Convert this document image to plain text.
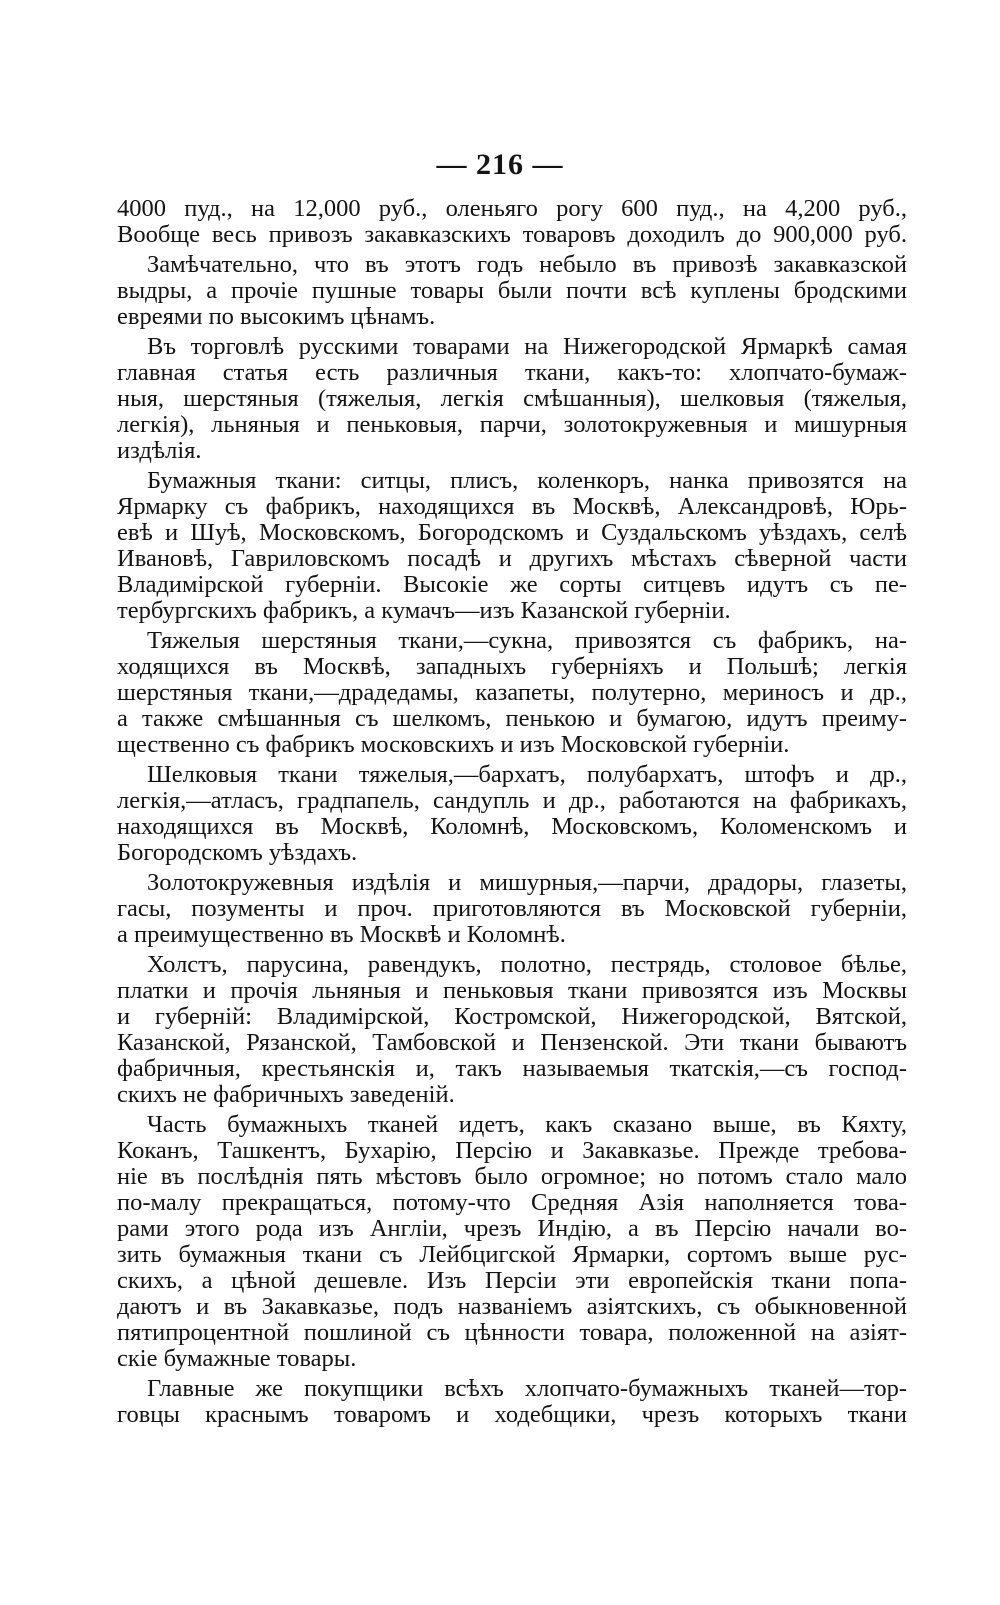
— 216 —
4000 пуд., на 12,000 руб., оленьяго рогу 600 пуд., на 4,200 руб.,
Вообще весь привозъ закавказскихъ товаровъ доходилъ до 900,000 руб.
Замѣчательно, что въ этотъ годъ небыло въ привозѣ закавказской
выдры, а прочіе пушные товары были почти всѣ куплены бродскими
евреями по высокимъ цѣнамъ.
Въ торговлѣ русскими товарами на Нижегородской Ярмаркѣ самая
главная статья есть различныя ткани, какъ-то: хлопчато-бумаж-
ныя, шерстяныя (тяжелыя, легкія смѣшанныя), шелковыя (тяжелыя,
легкія), льняныя и пеньковыя, парчи, золотокружевныя и мишурныя
издѣлія.
Бумажныя ткани: ситцы, плисъ, коленкоръ, нанка привозятся на
Ярмарку съ фабрикъ, находящихся въ Москвѣ, Александровѣ, Юрь-
евѣ и Шуѣ, Московскомъ, Богородскомъ и Суздальскомъ уѣздахъ, селѣ
Ивановѣ, Гавриловскомъ посадѣ и другихъ мѣстахъ сѣверной части
Владимірской губерніи. Высокіе же сорты ситцевъ идутъ съ пе-
тербургскихъ фабрикъ, а кумачъ—изъ Казанской губерніи.
Тяжелыя шерстяныя ткани,—сукна, привозятся съ фабрикъ, на-
ходящихся въ Москвѣ, западныхъ губерніяхъ и Польшѣ; легкія
шерстяныя ткани,—драдедамы, казапеты, полутерно, мериносъ и др.,
а также смѣшанныя съ шелкомъ, пенькою и бумагою, идутъ преиму-
щественно съ фабрикъ московскихъ и изъ Московской губерніи.
Шелковыя ткани тяжелыя,—бархатъ, полубархатъ, штофъ и др.,
легкія,—атласъ, градпапель, сандупль и др., работаются на фабрикахъ,
находящихся въ Москвѣ, Коломнѣ, Московскомъ, Коломенскомъ и
Богородскомъ уѣздахъ.
Золотокружевныя издѣлія и мишурныя,—парчи, драдоры, глазеты,
гасы, позументы и проч. приготовляются въ Московской губерніи,
а преимущественно въ Москвѣ и Коломнѣ.
Холстъ, парусина, равендукъ, полотно, пестрядь, столовое бѣлье,
платки и прочія льняныя и пеньковыя ткани привозятся изъ Москвы
и губерній: Владимірской, Костромской, Нижегородской, Вятской,
Казанской, Рязанской, Тамбовской и Пензенской. Эти ткани бываютъ
фабричныя, крестьянскія и, такъ называемыя ткатскія,—съ господ-
скихъ не фабричныхъ заведеній.
Часть бумажныхъ тканей идетъ, какъ сказано выше, въ Кяхту,
Коканъ, Ташкентъ, Бухарію, Персію и Закавказье. Прежде требова-
ніе въ послѣднія пять мѣстовъ было огромное; но потомъ стало мало
по-малу прекращаться, потому-что Средняя Азія наполняется това-
рами этого рода изъ Англіи, чрезъ Индію, а въ Персію начали во-
зить бумажныя ткани съ Лейбцигской Ярмарки, сортомъ выше рус-
скихъ, а цѣной дешевле. Изъ Персіи эти европейскія ткани попа-
даютъ и въ Закавказье, подъ названіемъ азіятскихъ, съ обыкновенной
пятипроцентной пошлиной съ цѣнности товара, положенной на азіят-
скіе бумажные товары.
Главные же покупщики всѣхъ хлопчато-бумажныхъ тканей—тор-
говцы краснымъ товаромъ и ходебщики, чрезъ которыхъ ткани
